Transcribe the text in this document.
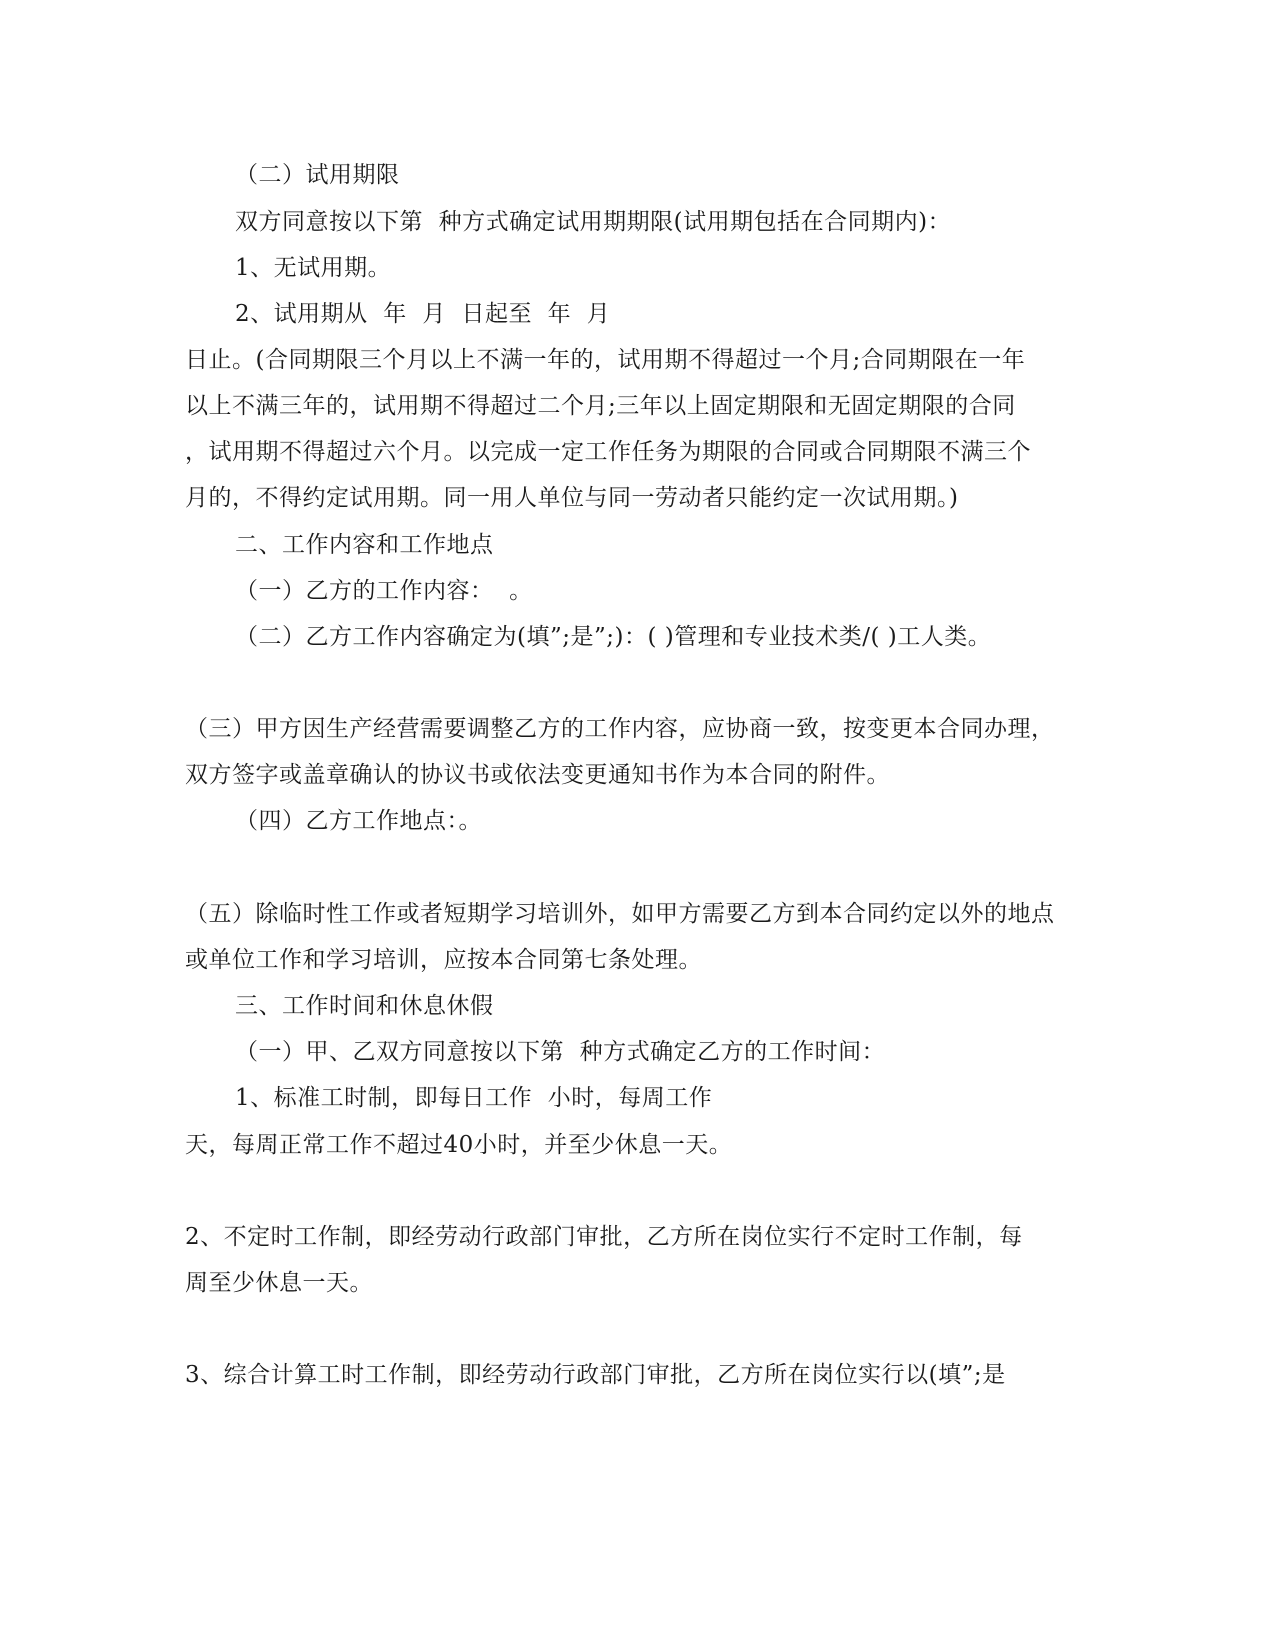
（二）试用期限
双方同意按以下第  种方式确定试用期期限(试用期包括在合同期内)：
1、无试用期。
2、试用期从  年  月  日起至  年  月
日止。(合同期限三个月以上不满一年的，试用期不得超过一个月;合同期限在一年
以上不满三年的，试用期不得超过二个月;三年以上固定期限和无固定期限的合同
，试用期不得超过六个月。以完成一定工作任务为期限的合同或合同期限不满三个
月的，不得约定试用期。同一用人单位与同一劳动者只能约定一次试用期。)
二、工作内容和工作地点
（一）乙方的工作内容：  。
（二）乙方工作内容确定为(填”;是”;)：( )管理和专业技术类/( )工人类。
（三）甲方因生产经营需要调整乙方的工作内容，应协商一致，按变更本合同办理，
双方签字或盖章确认的协议书或依法变更通知书作为本合同的附件。
（四）乙方工作地点：。
（五）除临时性工作或者短期学习培训外，如甲方需要乙方到本合同约定以外的地点
或单位工作和学习培训，应按本合同第七条处理。
三、工作时间和休息休假
（一）甲、乙双方同意按以下第  种方式确定乙方的工作时间：
1、标准工时制，即每日工作  小时，每周工作
天，每周正常工作不超过40小时，并至少休息一天。
2、不定时工作制，即经劳动行政部门审批，乙方所在岗位实行不定时工作制，每
周至少休息一天。
3、综合计算工时工作制，即经劳动行政部门审批，乙方所在岗位实行以(填”;是
